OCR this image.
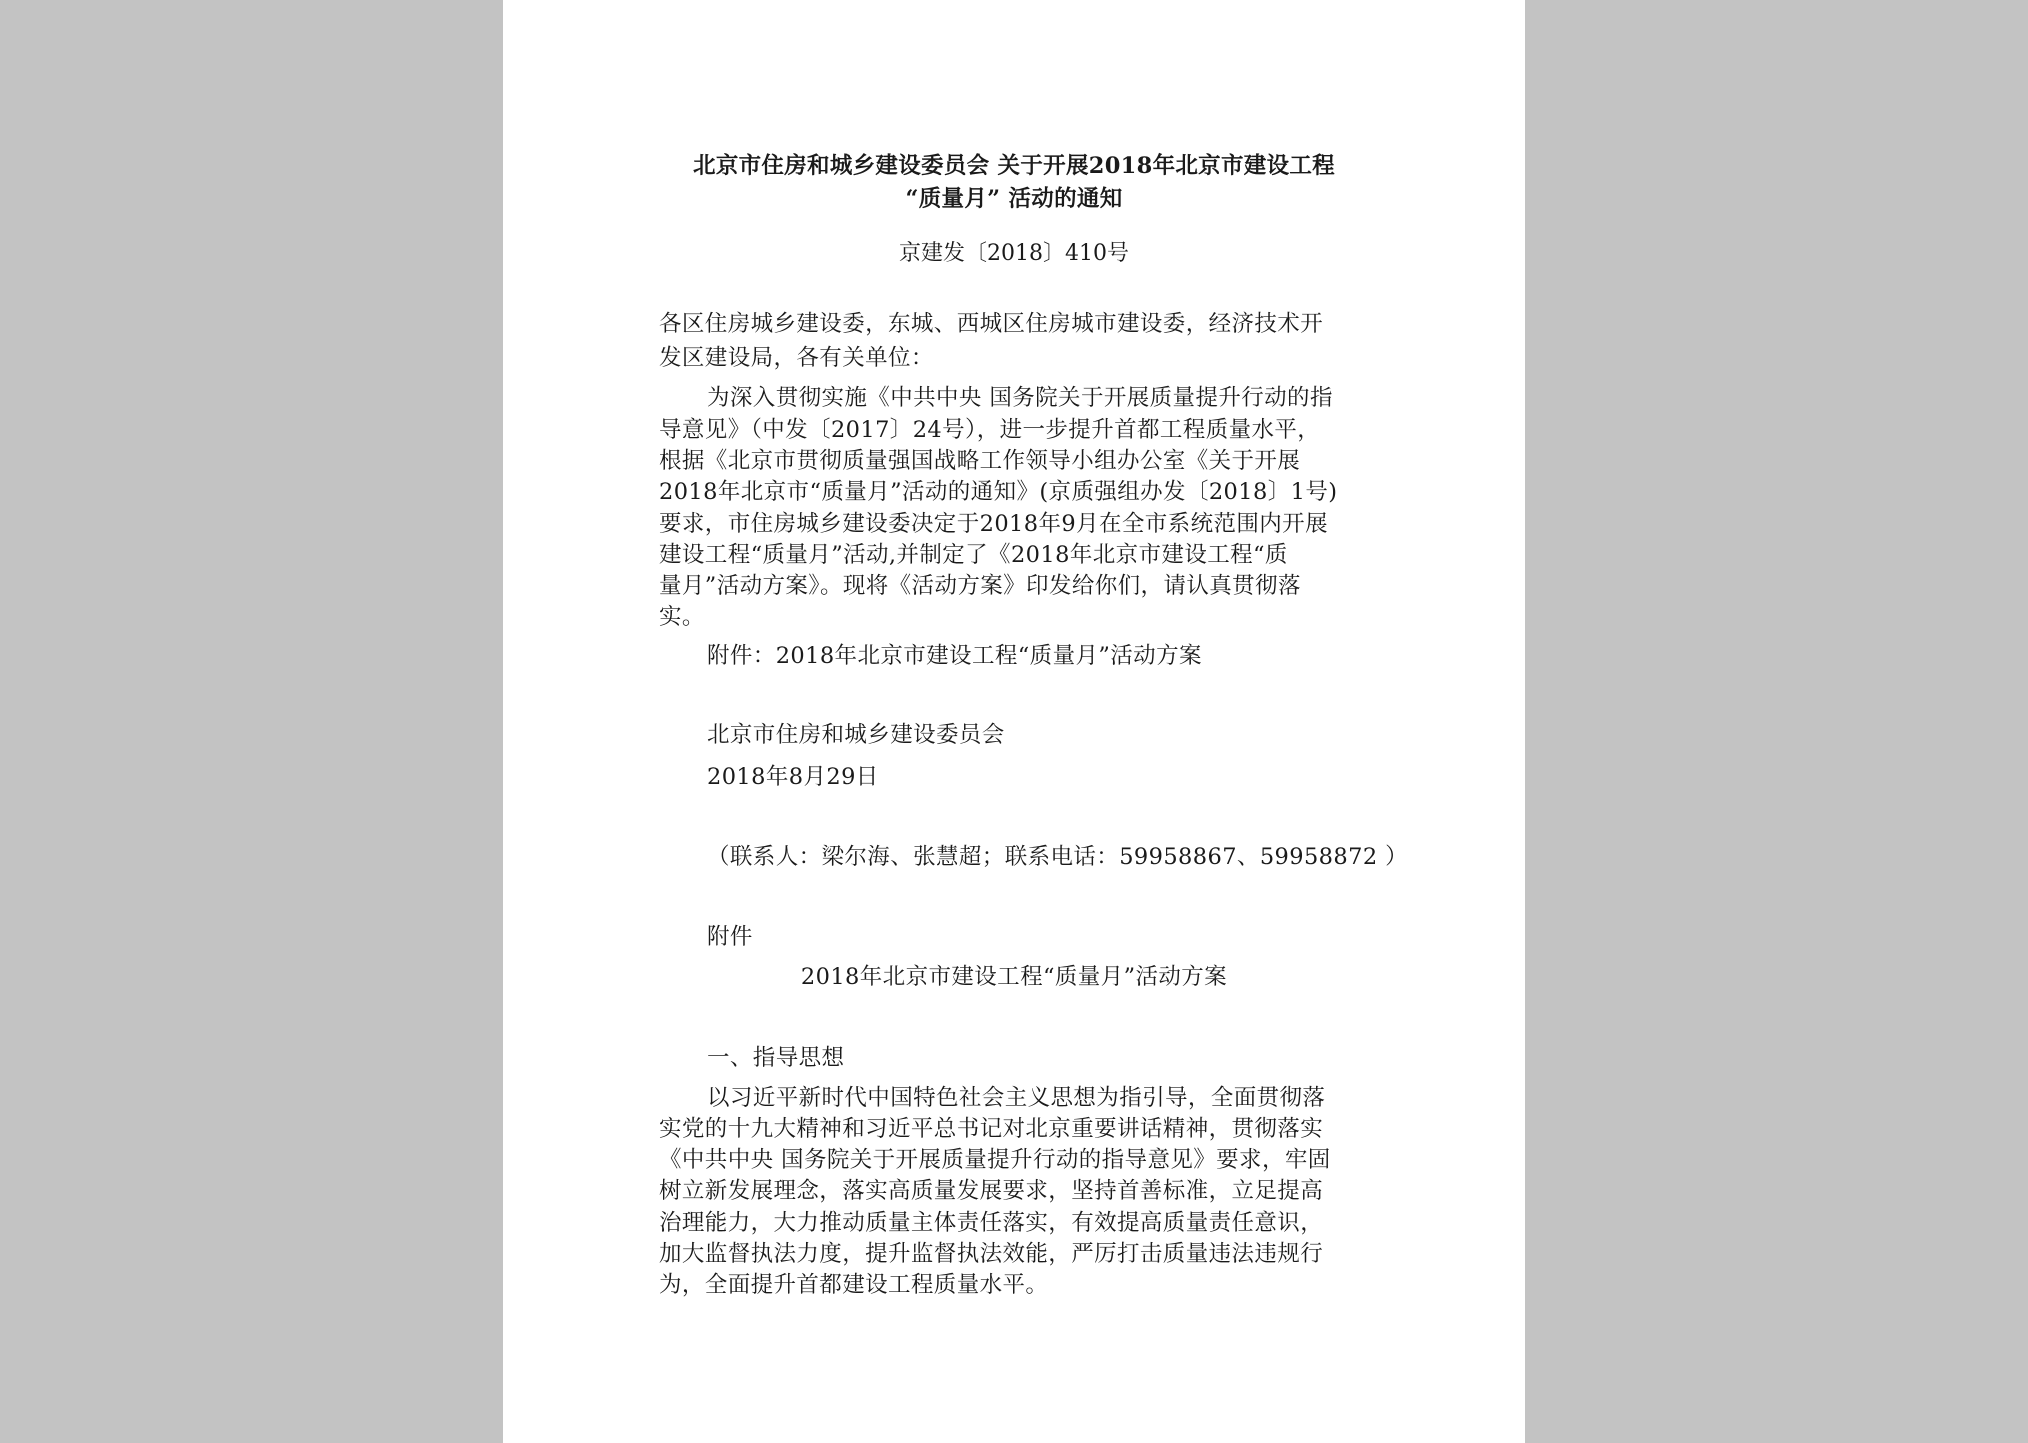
北京市住房和城乡建设委员会 关于开展2018年北京市建设工程
“质量月” 活动的通知
京建发〔2018〕410号
各区住房城乡建设委，东城、西城区住房城市建设委，经济技术开
发区建设局，各有关单位：
为深入贯彻实施《中共中央 国务院关于开展质量提升行动的指
导意见》（中发〔2017〕24号），进一步提升首都工程质量水平，
根据《北京市贯彻质量强国战略工作领导小组办公室《关于开展
2018年北京市“质量月”活动的通知》(京质强组办发〔2018〕1号)
要求，市住房城乡建设委决定于2018年9月在全市系统范围内开展
建设工程“质量月”活动,并制定了《2018年北京市建设工程“质
量月”活动方案》。现将《活动方案》印发给你们，请认真贯彻落
实。
附件：2018年北京市建设工程“质量月”活动方案
北京市住房和城乡建设委员会
2018年8月29日
（联系人：梁尔海、张慧超；联系电话：59958867、59958872 ）
附件
2018年北京市建设工程“质量月”活动方案
一、指导思想
以习近平新时代中国特色社会主义思想为指引导，全面贯彻落
实党的十九大精神和习近平总书记对北京重要讲话精神，贯彻落实
《中共中央 国务院关于开展质量提升行动的指导意见》要求，牢固
树立新发展理念，落实高质量发展要求，坚持首善标准，立足提高
治理能力，大力推动质量主体责任落实，有效提高质量责任意识，
加大监督执法力度，提升监督执法效能，严厉打击质量违法违规行
为，全面提升首都建设工程质量水平。
